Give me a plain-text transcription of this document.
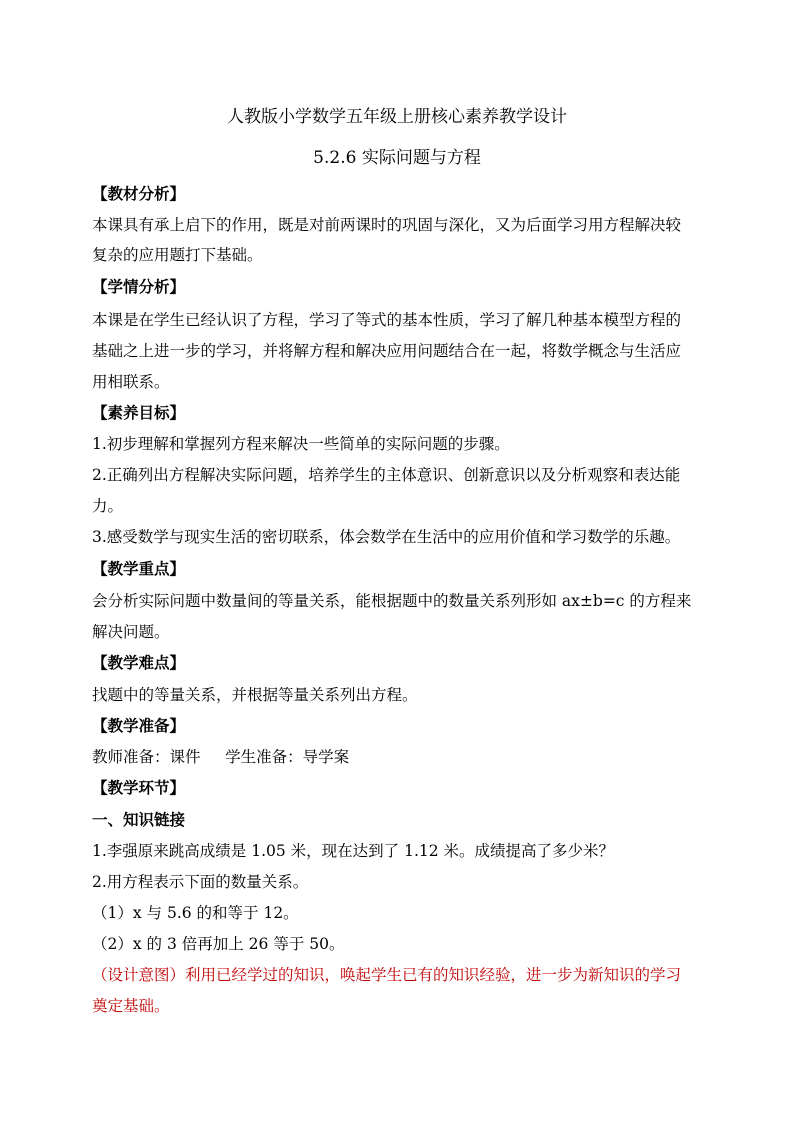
人教版小学数学五年级上册核心素养教学设计
5.2.6 实际问题与方程
【教材分析】
本课具有承上启下的作用，既是对前两课时的巩固与深化，又为后面学习用方程解决较
复杂的应用题打下基础。
【学情分析】
本课是在学生已经认识了方程，学习了等式的基本性质，学习了解几种基本模型方程的
基础之上进一步的学习，并将解方程和解决应用问题结合在一起，将数学概念与生活应
用相联系。
【素养目标】
1.初步理解和掌握列方程来解决一些简单的实际问题的步骤。
2.正确列出方程解决实际问题，培养学生的主体意识、创新意识以及分析观察和表达能
力。
3.感受数学与现实生活的密切联系，体会数学在生活中的应用价值和学习数学的乐趣。
【教学重点】
会分析实际问题中数量间的等量关系，能根据题中的数量关系列形如 ax±b=c 的方程来
解决问题。
【教学难点】
找题中的等量关系，并根据等量关系列出方程。
【教学准备】
教师准备：课件     学生准备：导学案
【教学环节】
一、知识链接
1.李强原来跳高成绩是 1.05 米，现在达到了 1.12 米。成绩提高了多少米？
2.用方程表示下面的数量关系。
（1）x 与 5.6 的和等于 12。
（2）x 的 3 倍再加上 26 等于 50。
（设计意图）利用已经学过的知识，唤起学生已有的知识经验，进一步为新知识的学习
奠定基础。
